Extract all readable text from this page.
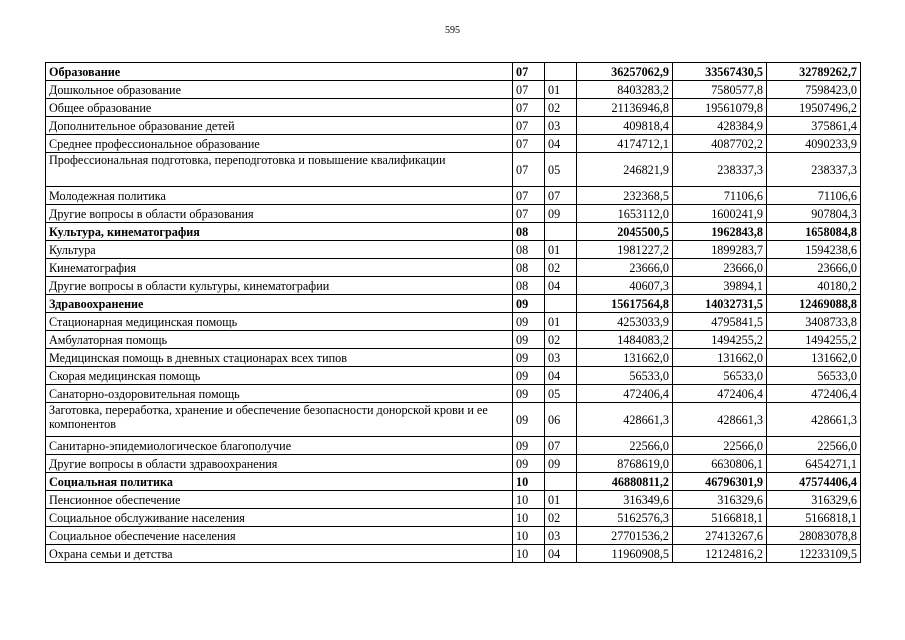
595
Образование	07		36257062,9	33567430,5	32789262,7
Дошкольное образование	07	01	8403283,2	7580577,8	7598423,0
Общее образование	07	02	21136946,8	19561079,8	19507496,2
Дополнительное образование детей	07	03	409818,4	428384,9	375861,4
Среднее профессиональное образование	07	04	4174712,1	4087702,2	4090233,9
Профессиональная подготовка, переподготовка и повышение квалификации	07	05	246821,9	238337,3	238337,3
Молодежная политика	07	07	232368,5	71106,6	71106,6
Другие вопросы в области образования	07	09	1653112,0	1600241,9	907804,3
Культура, кинематография	08		2045500,5	1962843,8	1658084,8
Культура	08	01	1981227,2	1899283,7	1594238,6
Кинематография	08	02	23666,0	23666,0	23666,0
Другие вопросы в области культуры, кинематографии	08	04	40607,3	39894,1	40180,2
Здравоохранение	09		15617564,8	14032731,5	12469088,8
Стационарная медицинская помощь	09	01	4253033,9	4795841,5	3408733,8
Амбулаторная помощь	09	02	1484083,2	1494255,2	1494255,2
Медицинская помощь в дневных стационарах всех типов	09	03	131662,0	131662,0	131662,0
Скорая медицинская помощь	09	04	56533,0	56533,0	56533,0
Санаторно-оздоровительная помощь	09	05	472406,4	472406,4	472406,4
Заготовка, переработка, хранение и обеспечение безопасности донорской крови и ее компонентов	09	06	428661,3	428661,3	428661,3
Санитарно-эпидемиологическое благополучие	09	07	22566,0	22566,0	22566,0
Другие вопросы в области здравоохранения	09	09	8768619,0	6630806,1	6454271,1
Социальная политика	10		46880811,2	46796301,9	47574406,4
Пенсионное обеспечение	10	01	316349,6	316329,6	316329,6
Социальное обслуживание населения	10	02	5162576,3	5166818,1	5166818,1
Социальное обеспечение населения	10	03	27701536,2	27413267,6	28083078,8
Охрана семьи и детства	10	04	11960908,5	12124816,2	12233109,5
